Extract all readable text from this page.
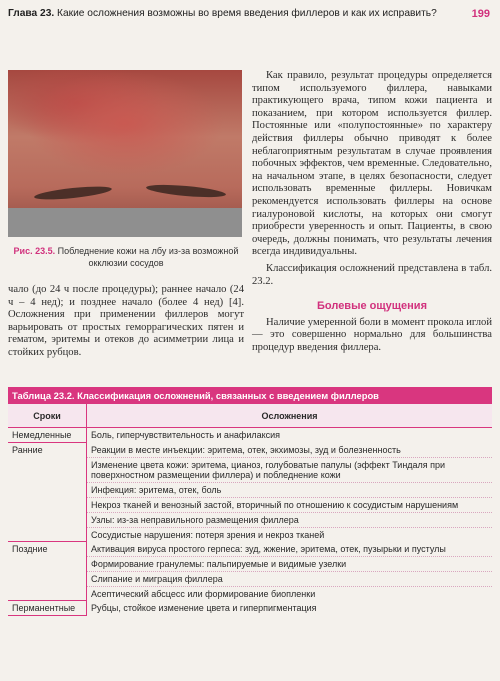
Глава 23. Какие осложнения возможны во время введения филлеров и как их исправить?	199
Рис. 23.5. Побледнение кожи на лбу из-за возможной окклюзии сосудов

Как правило, результат процедуры определяется типом используемого филлера, навыками практикующего врача, типом кожи пациента и показанием, при котором используется филлер. Постоянные или «полупостоянные» по характеру действия филлеры обычно приводят к более неблагоприятным результатам в случае проявления побочных эффектов, чем временные. Следовательно, на начальном этапе, в целях безопасности, следует использовать временные филлеры. Новичкам рекомендуется использовать филлеры на основе гиалуроновой кислоты, на которых они смогут приобрести уверенность и опыт. Пациенты, в свою очередь, должны понимать, что результаты лечения всегда индивидуальны.

Классификация осложнений представлена в табл. 23.2.

Болевые ощущения

Наличие умеренной боли в момент прокола иглой — это совершенно нормально для большинства процедур введения филлера.

чало (до 24 ч после процедуры); раннее начало (24 ч – 4 нед); и позднее начало (более 4 нед) [4]. Осложнения при применении филлеров могут варьировать от простых геморрагических пятен и гематом, эритемы и отеков до асимметрии лица и стойких рубцов.
Таблица 23.2. Классификация осложнений, связанных с введением филлеров	
Сроки	Осложнения
Немедленные	Боль, гиперчувствительность и анафилаксия
Ранние	Реакции в месте инъекции: эритема, отек, экхимозы, зуд и болезненность
	Изменение цвета кожи: эритема, цианоз, голубоватые папулы (эффект Тиндаля при поверхностном размещении филлера) и побледнение кожи
	Инфекция: эритема, отек, боль
	Некроз тканей и венозный застой, вторичный по отношению к сосудистым нарушениям
	Узлы: из-за неправильного размещения филлера
	Сосудистые нарушения: потеря зрения и некроз тканей
Поздние	Активация вируса простого герпеса: зуд, жжение, эритема, отек, пузырьки и пустулы
	Формирование гранулемы: пальпируемые и видимые узелки
	Слипание и миграция филлера
	Асептический абсцесс или формирование биопленки
Перманентные	Рубцы, стойкое изменение цвета и гиперпигментация
